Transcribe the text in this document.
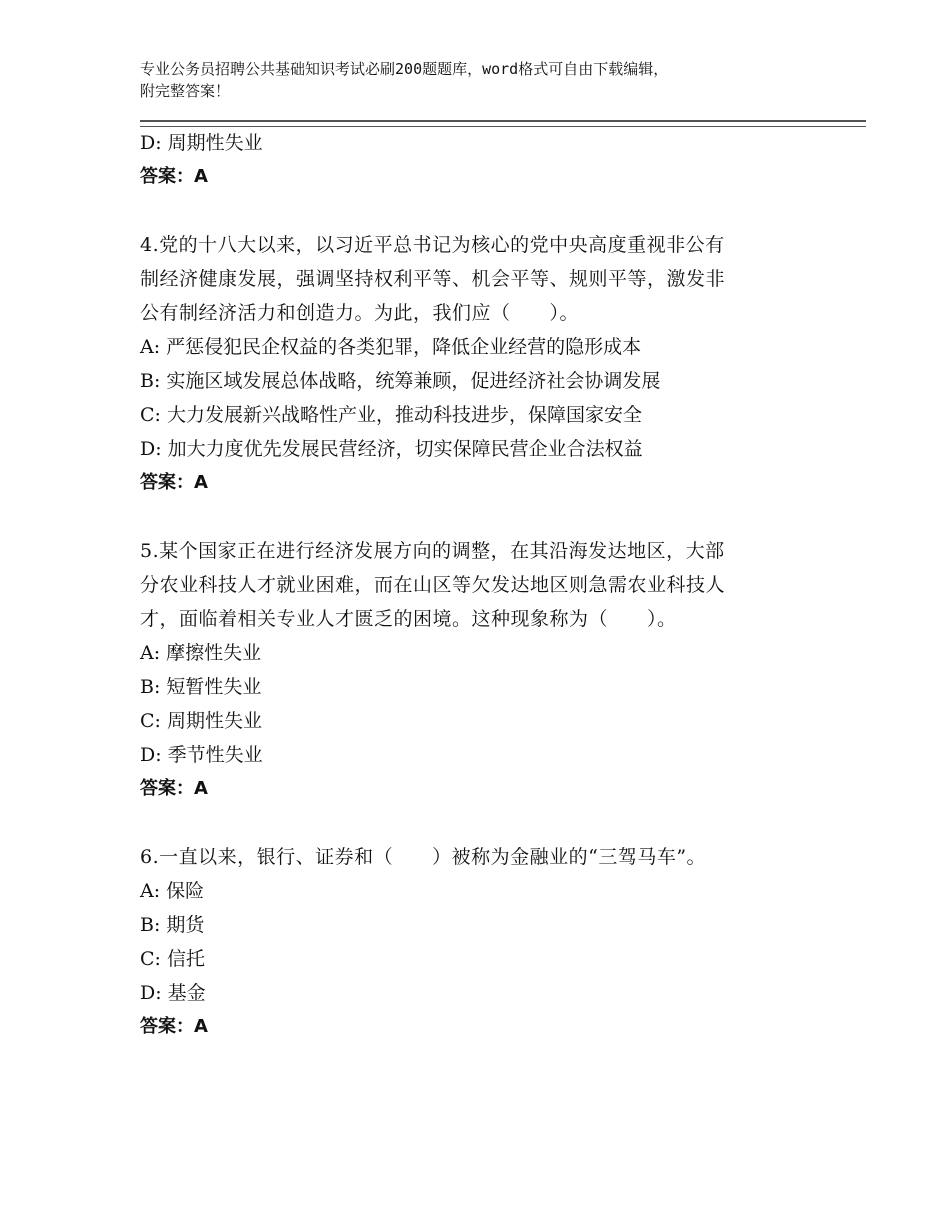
专业公务员招聘公共基础知识考试必刷200题题库，word格式可自由下载编辑，
附完整答案！
D: 周期性失业
答案：A
4.党的十八大以来，以习近平总书记为核心的党中央高度重视非公有
制经济健康发展，强调坚持权利平等、机会平等、规则平等，激发非
公有制经济活力和创造力。为此，我们应（　　）。
A: 严惩侵犯民企权益的各类犯罪，降低企业经营的隐形成本
B: 实施区域发展总体战略，统筹兼顾，促进经济社会协调发展
C: 大力发展新兴战略性产业，推动科技进步，保障国家安全
D: 加大力度优先发展民营经济，切实保障民营企业合法权益
答案：A
5.某个国家正在进行经济发展方向的调整，在其沿海发达地区，大部
分农业科技人才就业困难，而在山区等欠发达地区则急需农业科技人
才，面临着相关专业人才匮乏的困境。这种现象称为（　　）。
A: 摩擦性失业
B: 短暂性失业
C: 周期性失业
D: 季节性失业
答案：A
6.一直以来，银行、证券和（　　）被称为金融业的“三驾马车”。
A: 保险
B: 期货
C: 信托
D: 基金
答案：A
